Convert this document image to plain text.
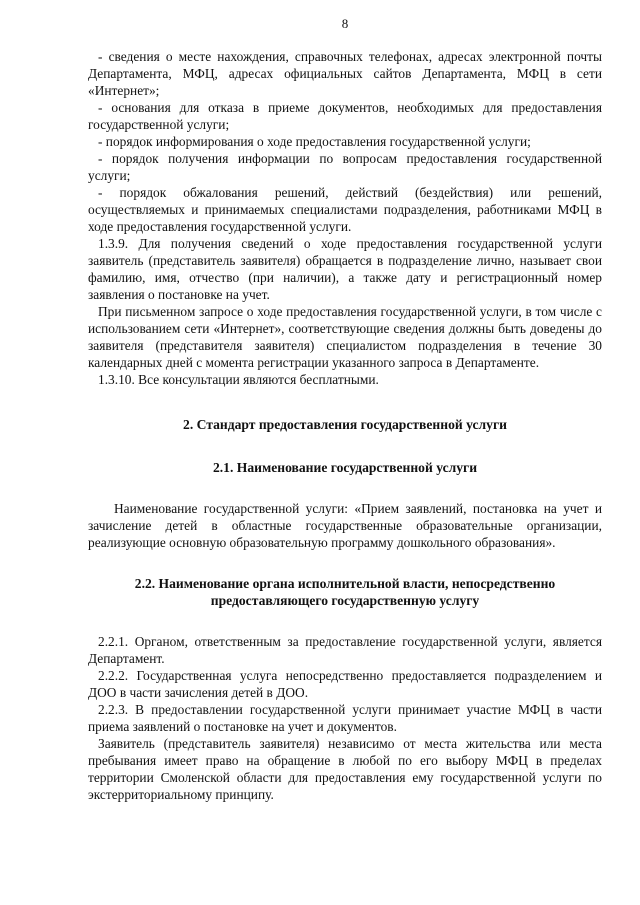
8

- сведения о месте нахождения, справочных телефонах, адресах электронной почты Департамента, МФЦ, адресах официальных сайтов Департамента, МФЦ в сети «Интернет»;

- основания для отказа в приеме документов, необходимых для предоставления государственной услуги;

- порядок информирования о ходе предоставления государственной услуги;

- порядок получения информации по вопросам предоставления государственной услуги;

- порядок обжалования решений, действий (бездействия) или решений, осуществляемых и принимаемых специалистами подразделения, работниками МФЦ в ходе предоставления государственной услуги.

1.3.9. Для получения сведений о ходе предоставления государственной услуги заявитель (представитель заявителя) обращается в подразделение лично, называет свои фамилию, имя, отчество (при наличии), а также дату и регистрационный номер заявления о постановке на учет.

При письменном запросе о ходе предоставления государственной услуги, в том числе с использованием сети «Интернет», соответствующие сведения должны быть доведены до заявителя (представителя заявителя) специалистом подразделения в течение 30 календарных дней с момента регистрации указанного запроса в Департаменте.

1.3.10. Все консультации являются бесплатными.

2. Стандарт предоставления государственной услуги
2.1. Наименование государственной услуги

Наименование государственной услуги: «Прием заявлений, постановка на учет и зачисление детей в областные государственные образовательные организации, реализующие основную образовательную программу дошкольного образования».

2.2. Наименование органа исполнительной власти, непосредственно
предоставляющего государственную услугу

2.2.1. Органом, ответственным за предоставление государственной услуги, является Департамент.

2.2.2. Государственная услуга непосредственно предоставляется подразделением и ДОО в части зачисления детей в ДОО.

2.2.3. В предоставлении государственной услуги принимает участие МФЦ в части приема заявлений о постановке на учет и документов.

Заявитель (представитель заявителя) независимо от места жительства или места пребывания имеет право на обращение в любой по его выбору МФЦ в пределах территории Смоленской области для предоставления ему государственной услуги по экстерриториальному принципу.
